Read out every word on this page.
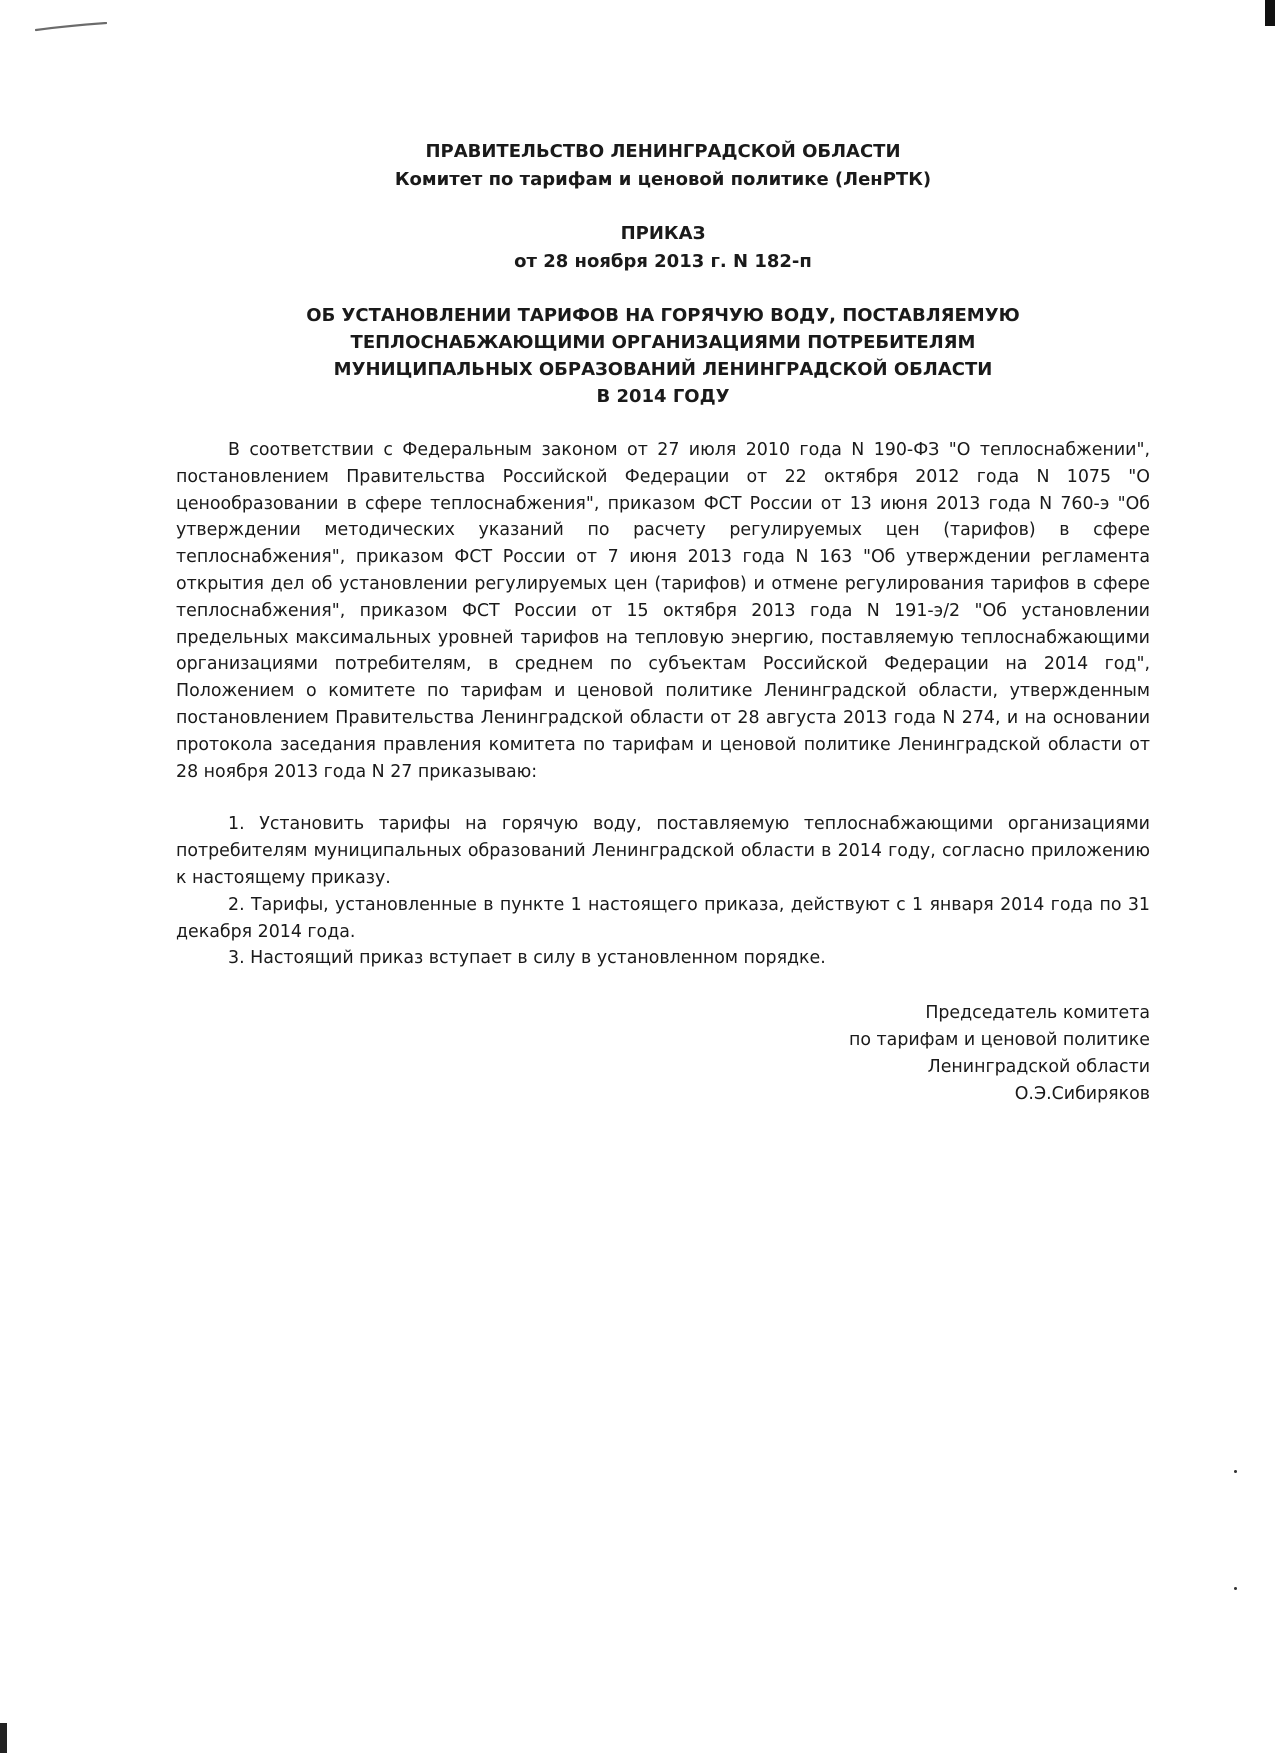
ПРАВИТЕЛЬСТВО ЛЕНИНГРАДСКОЙ ОБЛАСТИ
Комитет по тарифам и ценовой политике (ЛенРТК)
ПРИКАЗ
от 28 ноября 2013 г. N 182-п
ОБ УСТАНОВЛЕНИИ ТАРИФОВ НА ГОРЯЧУЮ ВОДУ, ПОСТАВЛЯЕМУЮ
ТЕПЛОСНАБЖАЮЩИМИ ОРГАНИЗАЦИЯМИ ПОТРЕБИТЕЛЯМ
МУНИЦИПАЛЬНЫХ ОБРАЗОВАНИЙ ЛЕНИНГРАДСКОЙ ОБЛАСТИ
В 2014 ГОДУ

В соответствии с Федеральным законом от 27 июля 2010 года N 190-ФЗ "О теплоснабжении", постановлением Правительства Российской Федерации от 22 октября 2012 года N 1075 "О ценообразовании в сфере теплоснабжения", приказом ФСТ России от 13 июня 2013 года N 760-э "Об утверждении методических указаний по расчету регулируемых цен (тарифов) в сфере теплоснабжения", приказом ФСТ России от 7 июня 2013 года N 163 "Об утверждении регламента открытия дел об установлении регулируемых цен (тарифов) и отмене регулирования тарифов в сфере теплоснабжения", приказом ФСТ России от 15 октября 2013 года N 191-э/2 "Об установлении предельных максимальных уровней тарифов на тепловую энергию, поставляемую теплоснабжающими организациями потребителям, в среднем по субъектам Российской Федерации на 2014 год", Положением о комитете по тарифам и ценовой политике Ленинградской области, утвержденным постановлением Правительства Ленинградской области от 28 августа 2013 года N 274, и на основании протокола заседания правления комитета по тарифам и ценовой политике Ленинградской области от 28 ноября 2013 года N 27 приказываю:

1. Установить тарифы на горячую воду, поставляемую теплоснабжающими организациями потребителям муниципальных образований Ленинградской области в 2014 году, согласно приложению к настоящему приказу.
2. Тарифы, установленные в пункте 1 настоящего приказа, действуют с 1 января 2014 года по 31 декабря 2014 года.
3. Настоящий приказ вступает в силу в установленном порядке.
Председатель комитета
по тарифам и ценовой политике
Ленинградской области
О.Э.Сибиряков
